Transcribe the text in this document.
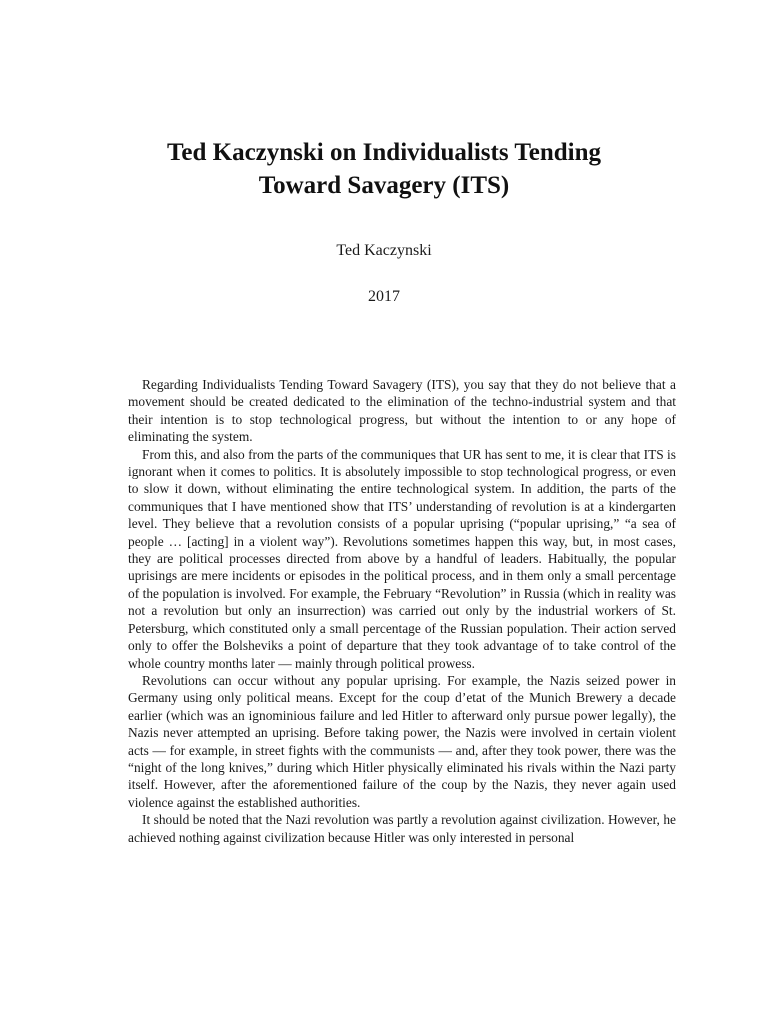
Ted Kaczynski on Individualists Tending
Toward Savagery (ITS)
Ted Kaczynski
2017

Regarding Individualists Tending Toward Savagery (ITS), you say that they do not believe that a movement should be created dedicated to the elimination of the techno-industrial system and that their intention is to stop technological progress, but without the intention to or any hope of eliminating the system.

From this, and also from the parts of the communiques that UR has sent to me, it is clear that ITS is ignorant when it comes to politics. It is absolutely impossible to stop technological progress, or even to slow it down, without eliminating the entire technological system. In addition, the parts of the communiques that I have mentioned show that ITS’ understanding of revolution is at a kindergarten level. They believe that a revolution consists of a popular uprising (“popular uprising,” “a sea of people … [acting] in a violent way”). Revolutions sometimes happen this way, but, in most cases, they are political processes directed from above by a handful of leaders. Habitually, the popular uprisings are mere incidents or episodes in the political process, and in them only a small percentage of the population is involved. For example, the February “Revolution” in Russia (which in reality was not a revolution but only an insurrection) was carried out only by the industrial workers of St. Petersburg, which constituted only a small percentage of the Russian population. Their action served only to offer the Bolsheviks a point of departure that they took advantage of to take control of the whole country months later — mainly through political prowess.

Revolutions can occur without any popular uprising. For example, the Nazis seized power in Germany using only political means. Except for the coup d’etat of the Munich Brewery a decade earlier (which was an ignominious failure and led Hitler to afterward only pursue power legally), the Nazis never attempted an uprising. Before taking power, the Nazis were involved in certain violent acts — for example, in street fights with the communists — and, after they took power, there was the “night of the long knives,” during which Hitler physically eliminated his rivals within the Nazi party itself. However, after the aforementioned failure of the coup by the Nazis, they never again used violence against the established authorities.

It should be noted that the Nazi revolution was partly a revolution against civilization. However, he achieved nothing against civilization because Hitler was only interested in personal
